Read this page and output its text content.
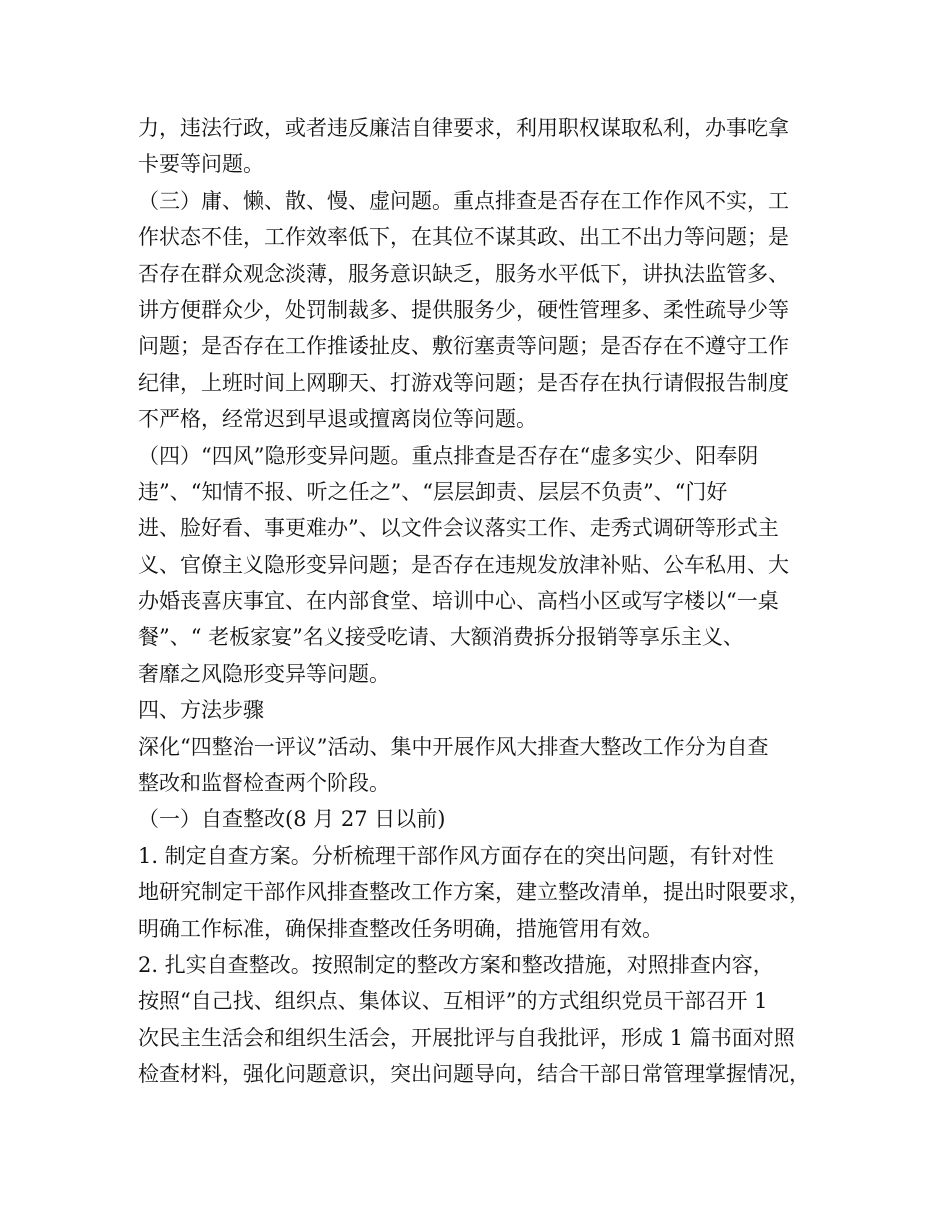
力，违法行政，或者违反廉洁自律要求，利用职权谋取私利，办事吃拿
卡要等问题。
（三）庸、懒、散、慢、虚问题。重点排查是否存在工作作风不实，工
作状态不佳，工作效率低下，在其位不谋其政、出工不出力等问题；是
否存在群众观念淡薄，服务意识缺乏，服务水平低下，讲执法监管多、
讲方便群众少，处罚制裁多、提供服务少，硬性管理多、柔性疏导少等
问题；是否存在工作推诿扯皮、敷衍塞责等问题；是否存在不遵守工作
纪律，上班时间上网聊天、打游戏等问题；是否存在执行请假报告制度
不严格，经常迟到早退或擅离岗位等问题。
（四）“四风”隐形变异问题。重点排查是否存在“虚多实少、阳奉阴
违”、“知情不报、听之任之”、“层层卸责、层层不负责”、“门好
进、脸好看、事更难办”、以文件会议落实工作、走秀式调研等形式主
义、官僚主义隐形变异问题；是否存在违规发放津补贴、公车私用、大
办婚丧喜庆事宜、在内部食堂、培训中心、高档小区或写字楼以“一桌
餐”、“ 老板家宴”名义接受吃请、大额消费拆分报销等享乐主义、
奢靡之风隐形变异等问题。
四、方法步骤
深化“四整治一评议”活动、集中开展作风大排查大整改工作分为自查
整改和监督检查两个阶段。
（一）自查整改(8 月 27 日以前)
1. 制定自查方案。分析梳理干部作风方面存在的突出问题，有针对性
地研究制定干部作风排查整改工作方案，建立整改清单，提出时限要求，
明确工作标准，确保排查整改任务明确，措施管用有效。
2. 扎实自查整改。按照制定的整改方案和整改措施，对照排查内容，
按照“自己找、组织点、集体议、互相评”的方式组织党员干部召开 1
次民主生活会和组织生活会，开展批评与自我批评，形成 1 篇书面对照
检查材料，强化问题意识，突出问题导向，结合干部日常管理掌握情况，
